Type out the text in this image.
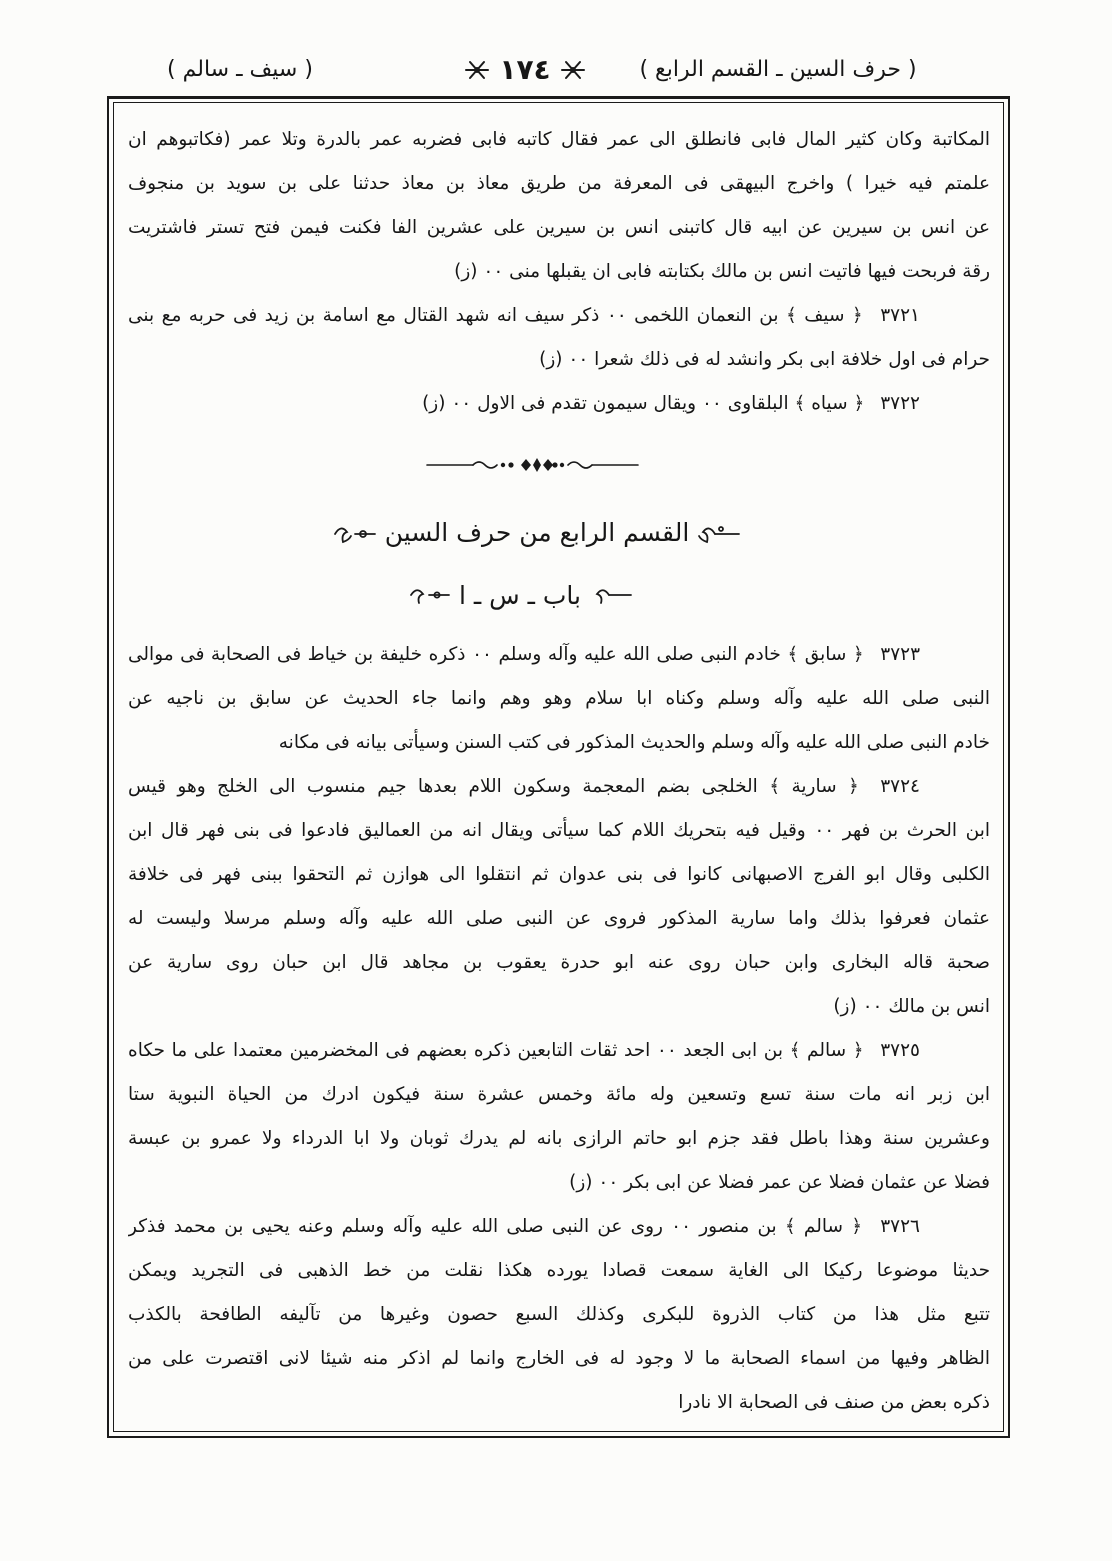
( حرف السين ـ القسم الرابع )
١٧٤
( سيف ـ سالم )
المكاتبة وكان كثير المال فابى فانطلق الى عمر فقال كاتبه فابى فضربه عمر بالدرة وتلا عمر (فكاتبوهم ان
علمتم فيه خيرا ) واخرج البيهقى فى المعرفة من طريق معاذ بن معاذ حدثنا على بن سويد بن منجوف
عن انس بن سيرين عن ابيه قال كاتبنى انس بن سيرين على عشرين الفا فكنت فيمن فتح تستر فاشتريت
رقة فربحت فيها فاتيت انس بن مالك بكتابته فابى ان يقبلها منى ٠٠ (ز)
٣٧٢١ ﴿ سيف ﴾ بن النعمان اللخمى ٠٠ ذكر سيف انه شهد القتال مع اسامة بن زيد فى حربه مع بنى
حرام فى اول خلافة ابى بكر وانشد له فى ذلك شعرا ٠٠ (ز)
٣٧٢٢ ﴿ سياه ﴾ البلقاوى ٠٠ ويقال سيمون تقدم فى الاول ٠٠ (ز)
القسم الرابع من حرف السين
باب ـ س ـ ا
٣٧٢٣ ﴿ سابق ﴾ خادم النبى صلى الله عليه وآله وسلم ٠٠ ذكره خليفة بن خياط فى الصحابة فى موالى
النبى صلى الله عليه وآله وسلم وكناه ابا سلام وهو وهم وانما جاء الحديث عن سابق بن ناجيه عن
خادم النبى صلى الله عليه وآله وسلم والحديث المذكور فى كتب السنن وسيأتى بيانه فى مكانه
٣٧٢٤ ﴿ سارية ﴾ الخلجى بضم المعجمة وسكون اللام بعدها جيم منسوب الى الخلج وهو قيس
ابن الحرث بن فهر ٠٠ وقيل فيه بتحريك اللام كما سيأتى ويقال انه من العماليق فادعوا فى بنى فهر قال ابن
الكلبى وقال ابو الفرج الاصبهانى كانوا فى بنى عدوان ثم انتقلوا الى هوازن ثم التحقوا ببنى فهر فى خلافة
عثمان فعرفوا بذلك واما سارية المذكور فروى عن النبى صلى الله عليه وآله وسلم مرسلا وليست له
صحبة قاله البخارى وابن حبان روى عنه ابو حدرة يعقوب بن مجاهد قال ابن حبان روى سارية عن
انس بن مالك ٠٠ (ز)
٣٧٢٥ ﴿ سالم ﴾ بن ابى الجعد ٠٠ احد ثقات التابعين ذكره بعضهم فى المخضرمين معتمدا على ما حكاه
ابن زبر انه مات سنة تسع وتسعين وله مائة وخمس عشرة سنة فيكون ادرك من الحياة النبوية ستا
وعشرين سنة وهذا باطل فقد جزم ابو حاتم الرازى بانه لم يدرك ثوبان ولا ابا الدرداء ولا عمرو بن عبسة
فضلا عن عثمان فضلا عن عمر فضلا عن ابى بكر ٠٠ (ز)
٣٧٢٦ ﴿ سالم ﴾ بن منصور ٠٠ روى عن النبى صلى الله عليه وآله وسلم وعنه يحيى بن محمد فذكر
حديثا موضوعا ركيكا الى الغاية سمعت قصادا يورده هكذا نقلت من خط الذهبى فى التجريد ويمكن
تتبع مثل هذا من كتاب الذروة للبكرى وكذلك السبع حصون وغيرها من تآليفه الطافحة بالكذب
الظاهر وفيها من اسماء الصحابة ما لا وجود له فى الخارج وانما لم اذكر منه شيئا لانى اقتصرت على من
ذكره بعض من صنف فى الصحابة الا نادرا
